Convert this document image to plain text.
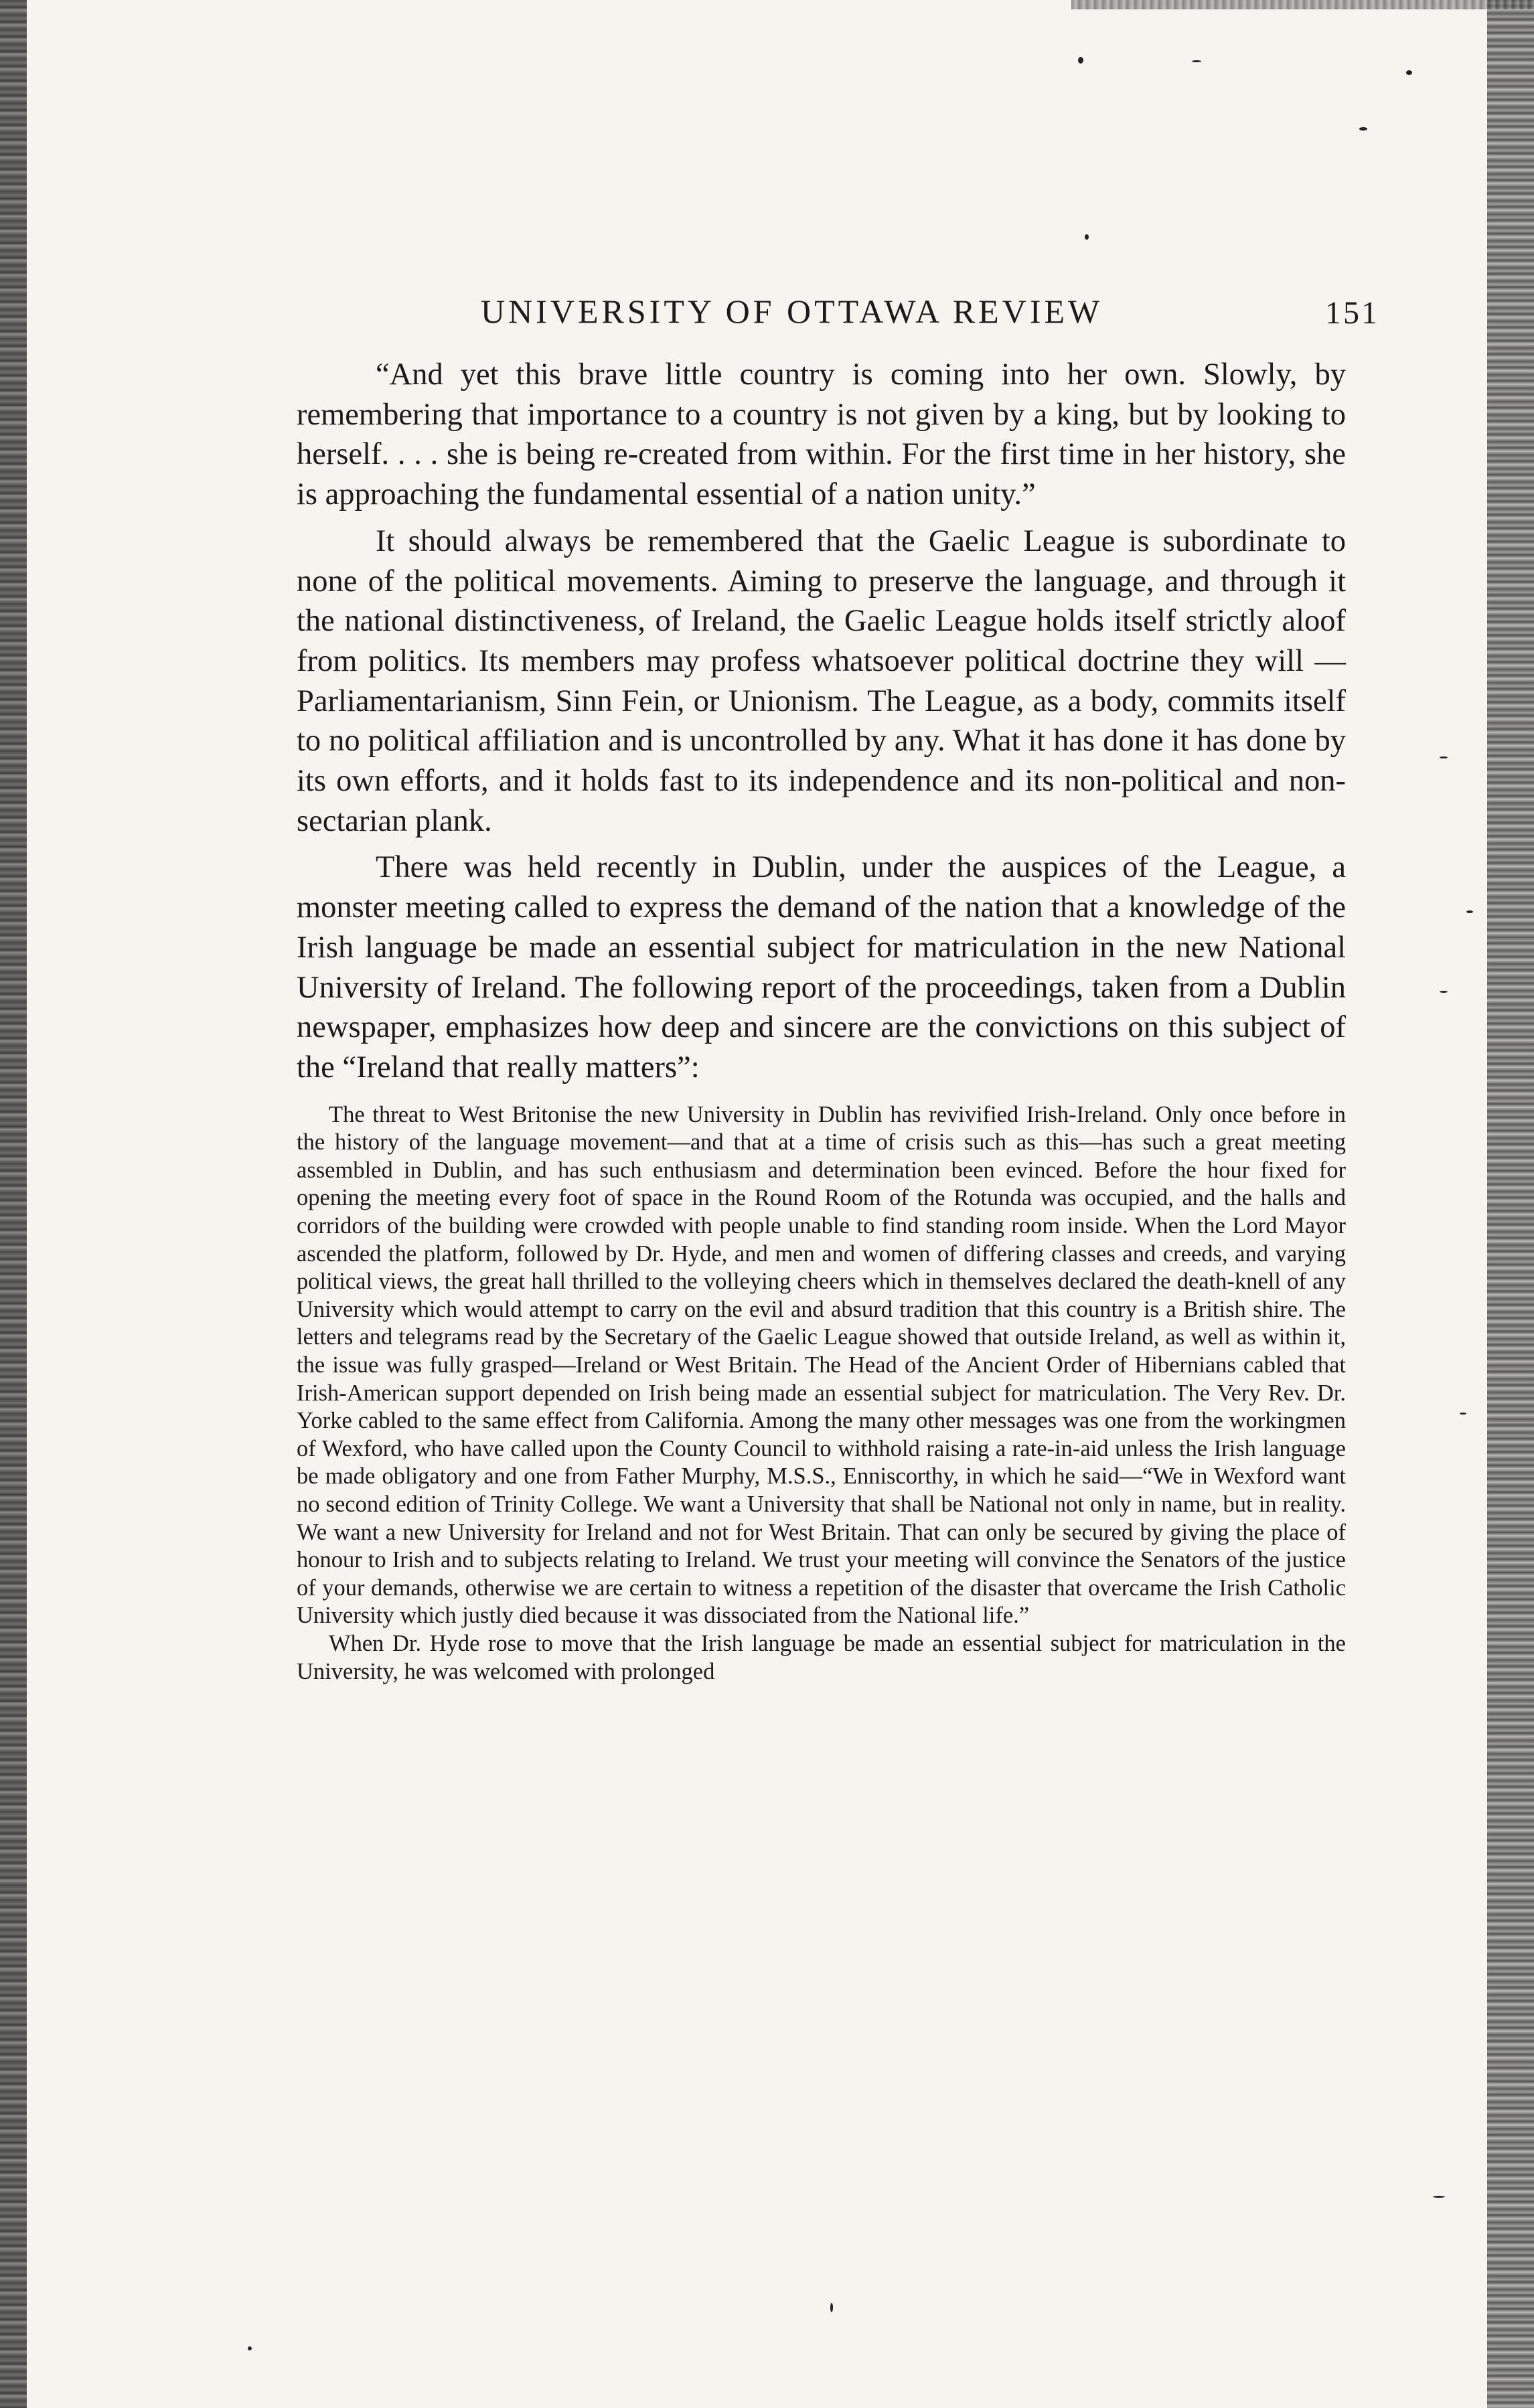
UNIVERSITY OF OTTAWA REVIEW	151

“And yet this brave little country is coming into her own. Slowly, by remembering that importance to a country is not given by a king, but by looking to herself. . . . she is being re-created from within. For the first time in her history, she is approaching the fundamental essential of a nation unity.”

It should always be remembered that the Gaelic League is subordinate to none of the political movements. Aiming to preserve the language, and through it the national distinctiveness, of Ireland, the Gaelic League holds itself strictly aloof from politics. Its members may profess whatsoever political doctrine they will —Parliamentarianism, Sinn Fein, or Unionism. The League, as a body, commits itself to no political affiliation and is uncontrolled by any. What it has done it has done by its own efforts, and it holds fast to its independence and its non-political and non-sectarian plank.

There was held recently in Dublin, under the auspices of the League, a monster meeting called to express the demand of the nation that a knowledge of the Irish language be made an essential subject for matriculation in the new National University of Ireland. The following report of the proceedings, taken from a Dublin newspaper, emphasizes how deep and sincere are the convictions on this subject of the “Ireland that really matters”:

The threat to West Britonise the new University in Dublin has revivified Irish-Ireland. Only once before in the history of the language movement—and that at a time of crisis such as this—has such a great meeting assembled in Dublin, and has such enthusiasm and determination been evinced. Before the hour fixed for opening the meeting every foot of space in the Round Room of the Rotunda was occupied, and the halls and corridors of the building were crowded with people unable to find standing room inside. When the Lord Mayor ascended the platform, followed by Dr. Hyde, and men and women of differing classes and creeds, and varying political views, the great hall thrilled to the volleying cheers which in themselves declared the death-knell of any University which would attempt to carry on the evil and absurd tradition that this country is a British shire. The letters and telegrams read by the Secretary of the Gaelic League showed that outside Ireland, as well as within it, the issue was fully grasped—Ireland or West Britain. The Head of the Ancient Order of Hibernians cabled that Irish-American support depended on Irish being made an essential subject for matriculation. The Very Rev. Dr. Yorke cabled to the same effect from California. Among the many other messages was one from the workingmen of Wexford, who have called upon the County Council to withhold raising a rate-in-aid unless the Irish language be made obligatory and one from Father Murphy, M.S.S., Enniscorthy, in which he said—“We in Wexford want no second edition of Trinity College. We want a University that shall be National not only in name, but in reality. We want a new University for Ireland and not for West Britain. That can only be secured by giving the place of honour to Irish and to subjects relating to Ireland. We trust your meeting will convince the Senators of the justice of your demands, otherwise we are certain to witness a repetition of the disaster that overcame the Irish Catholic University which justly died because it was dissociated from the National life.”

When Dr. Hyde rose to move that the Irish language be made an essential subject for matriculation in the University, he was welcomed with prolonged
